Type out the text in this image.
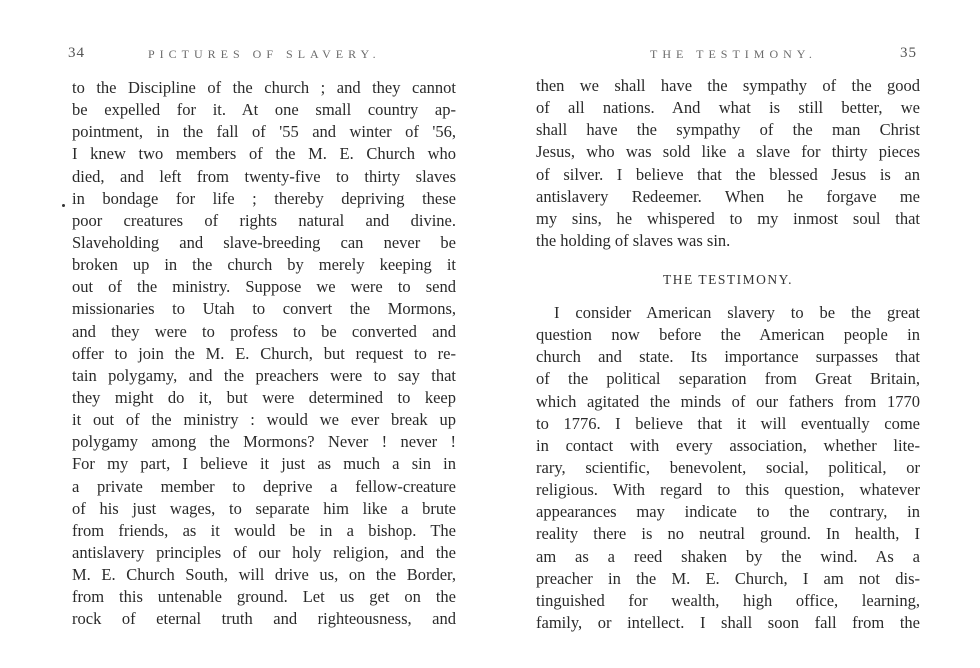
34	PICTURES OF SLAVERY.
to the Discipline of the church ; and they cannot
be expelled for it. At one small country ap-
pointment, in the fall of '55 and winter of '56,
I knew two members of the M. E. Church who
died, and left from twenty-five to thirty slaves
in bondage for life ; thereby depriving these
poor creatures of rights natural and divine.
Slaveholding and slave-breeding can never be
broken up in the church by merely keeping it
out of the ministry. Suppose we were to send
missionaries to Utah to convert the Mormons,
and they were to profess to be converted and
offer to join the M. E. Church, but request to re-
tain polygamy, and the preachers were to say that
they might do it, but were determined to keep
it out of the ministry : would we ever break up
polygamy among the Mormons? Never ! never !
For my part, I believe it just as much a sin in
a private member to deprive a fellow-creature
of his just wages, to separate him like a brute
from friends, as it would be in a bishop. The
antislavery principles of our holy religion, and the
M. E. Church South, will drive us, on the Border,
from this untenable ground. Let us get on the
rock of eternal truth and righteousness, and
THE TESTIMONY.	35
then we shall have the sympathy of the good
of all nations. And what is still better, we
shall have the sympathy of the man Christ
Jesus, who was sold like a slave for thirty pieces
of silver. I believe that the blessed Jesus is an
antislavery Redeemer. When he forgave me
my sins, he whispered to my inmost soul that
the holding of slaves was sin.
THE TESTIMONY.
I consider American slavery to be the great
question now before the American people in
church and state. Its importance surpasses that
of the political separation from Great Britain,
which agitated the minds of our fathers from 1770
to 1776. I believe that it will eventually come
in contact with every association, whether lite-
rary, scientific, benevolent, social, political, or
religious. With regard to this question, whatever
appearances may indicate to the contrary, in
reality there is no neutral ground. In health, I
am as a reed shaken by the wind. As a
preacher in the M. E. Church, I am not dis-
tinguished for wealth, high office, learning,
family, or intellect. I shall soon fall from the
